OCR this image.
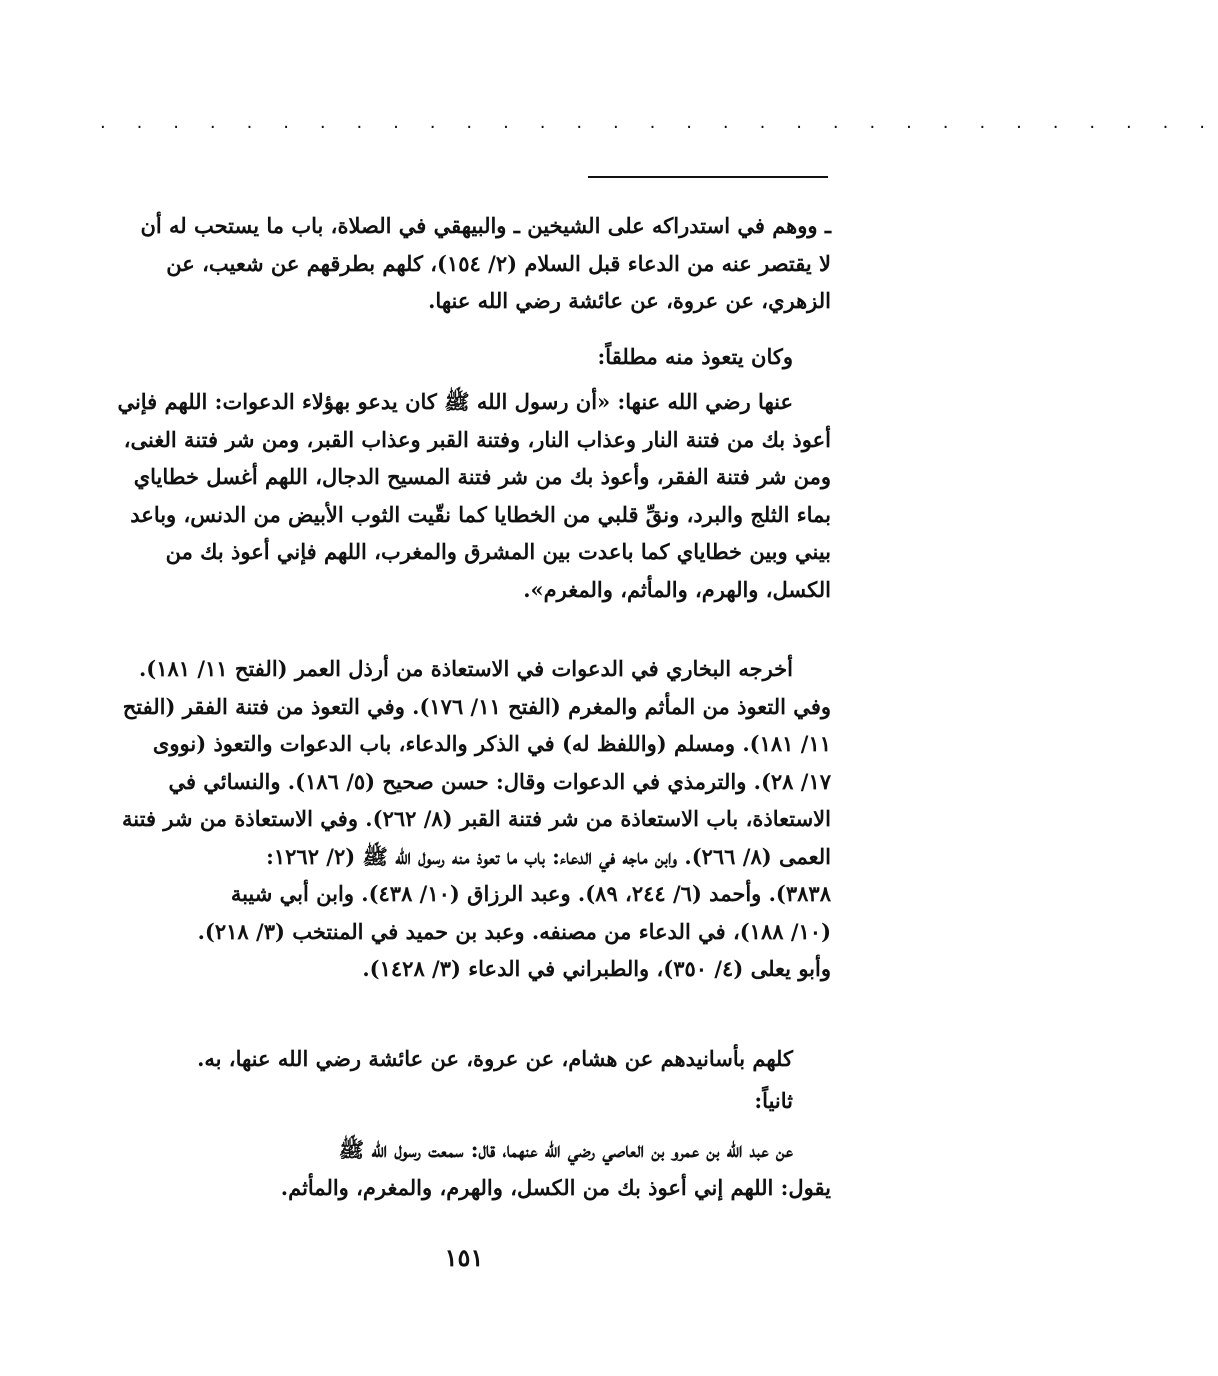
. . . . . . . . . . . . . . . . . . . . . . . . . . . . . . .
ـ ووهم في استدراكه على الشيخين ـ والبيهقي في الصلاة، باب ما يستحب له أن
لا يقتصر عنه من الدعاء قبل السلام (٢/ ١٥٤)، كلهم بطرقهم عن شعيب، عن
الزهري، عن عروة، عن عائشة رضي الله عنها.
وكان يتعوذ منه مطلقاً:
عنها رضي الله عنها: «أن رسول الله ﷺ كان يدعو بهؤلاء الدعوات: اللهم فإني
أعوذ بك من فتنة النار وعذاب النار، وفتنة القبر وعذاب القبر، ومن شر فتنة الغنى،
ومن شر فتنة الفقر، وأعوذ بك من شر فتنة المسيح الدجال، اللهم أغسل خطاياي
بماء الثلج والبرد، ونقِّ قلبي من الخطايا كما نقّيت الثوب الأبيض من الدنس، وباعد
بيني وبين خطاياي كما باعدت بين المشرق والمغرب، اللهم فإني أعوذ بك من
الكسل، والهرم، والمأثم، والمغرم».
أخرجه البخاري في الدعوات في الاستعاذة من أرذل العمر (الفتح ١١/ ١٨١).
وفي التعوذ من المأثم والمغرم (الفتح ١١/ ١٧٦). وفي التعوذ من فتنة الفقر (الفتح
١١/ ١٨١). ومسلم (واللفظ له) في الذكر والدعاء، باب الدعوات والتعوذ (نووى
١٧/ ٢٨). والترمذي في الدعوات وقال: حسن صحيح (٥/ ١٨٦). والنسائي في
الاستعاذة، باب الاستعاذة من شر فتنة القبر (٨/ ٢٦٢). وفي الاستعاذة من شر فتنة
العمى (٨/ ٢٦٦). وابن ماجه في الدعاء: باب ما تعوذ منه رسول الله ﷺ (٢/ ١٢٦٢:
٣٨٣٨). وأحمد (٦/ ٢٤٤، ٨٩). وعبد الرزاق (١٠/ ٤٣٨). وابن أبي شيبة
(١٠/ ١٨٨)، في الدعاء من مصنفه. وعبد بن حميد في المنتخب (٣/ ٢١٨).
وأبو يعلى (٤/ ٣٥٠)، والطبراني في الدعاء (٣/ ١٤٢٨).
كلهم بأسانيدهم عن هشام، عن عروة، عن عائشة رضي الله عنها، به.
ثانياً:
عن عبد الله بن عمرو بن العاصي رضي الله عنهما، قال: سمعت رسول الله ﷺ
يقول: اللهم إني أعوذ بك من الكسل، والهرم، والمغرم، والمأثم.
١٥١
